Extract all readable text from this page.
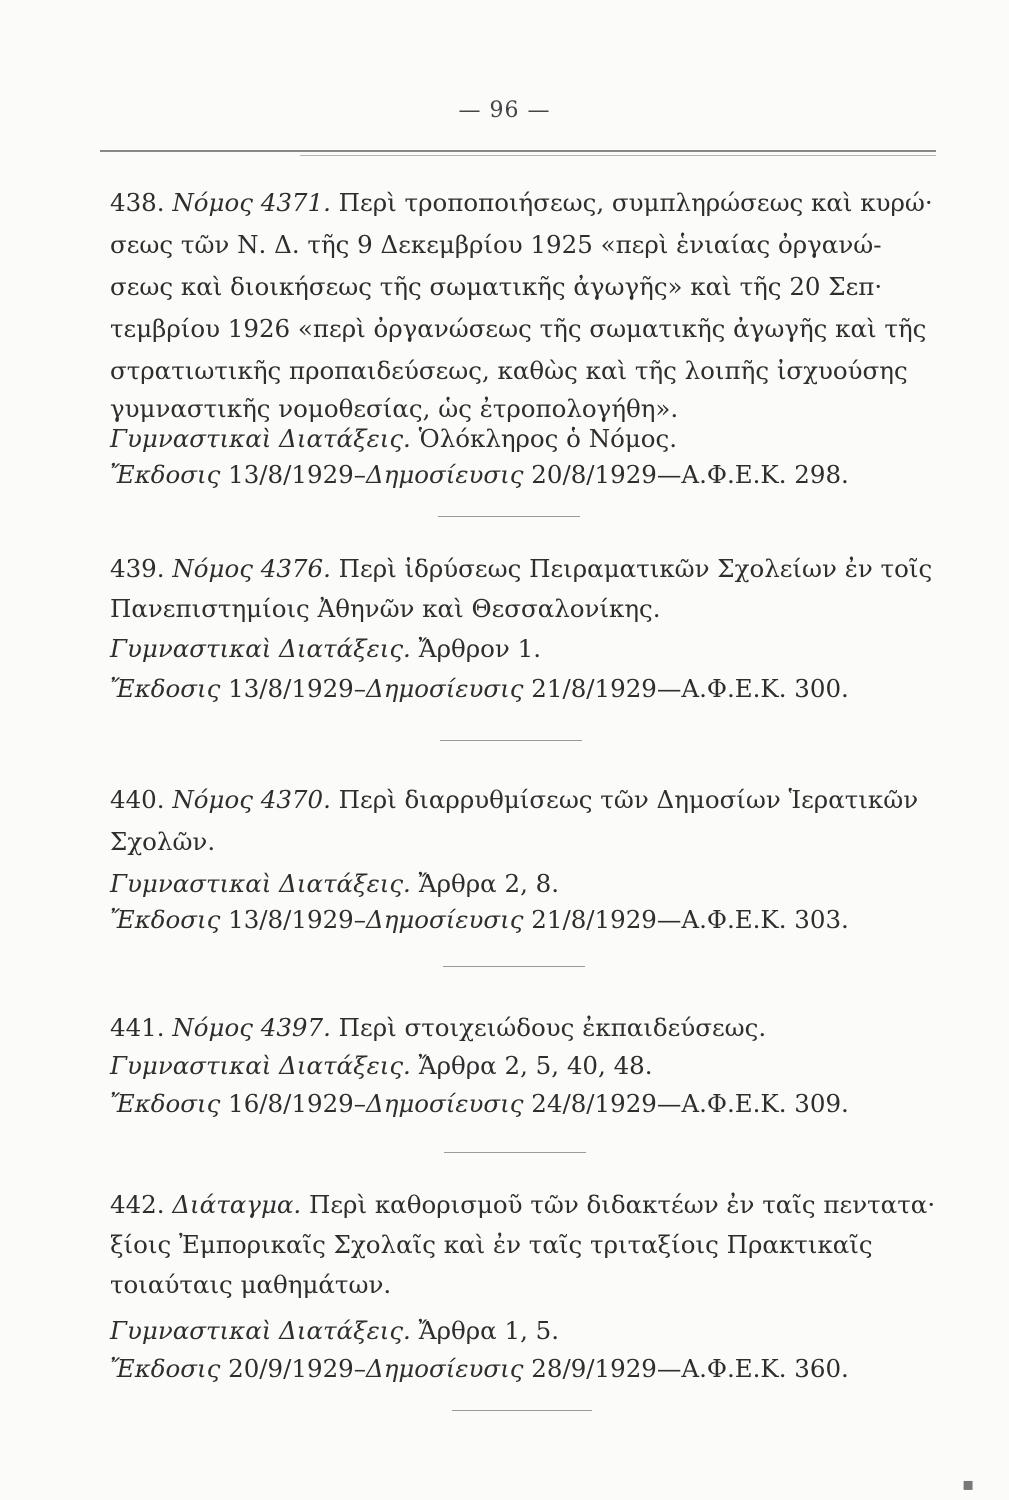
— 96 —
438. Νόμος 4371. Περὶ τροποποιήσεως, συμπληρώσεως καὶ κυρώ·
σεως τῶν Ν. Δ. τῆς 9 Δεκεμβρίου 1925 «περὶ ἑνιαίας ὀργανώ-
σεως καὶ διοικήσεως τῆς σωματικῆς ἀγωγῆς» καὶ τῆς 20 Σεπ·
τεμβρίου 1926 «περὶ ὀργανώσεως τῆς σωματικῆς ἀγωγῆς καὶ τῆς
στρατιωτικῆς προπαιδεύσεως, καθὼς καὶ τῆς λοιπῆς ἰσχυούσης
γυμναστικῆς νομοθεσίας, ὡς ἐτροπολογήθη».
Γυμναστικαὶ Διατάξεις. Ὁλόκληρος ὁ Νόμος.
Ἔκδοσις 13/8/1929–Δημοσίευσις 20/8/1929—Α.Φ.Ε.Κ. 298.
439. Νόμος 4376. Περὶ ἱδρύσεως Πειραματικῶν Σχολείων ἐν τοῖς
Πανεπιστημίοις Ἀθηνῶν καὶ Θεσσαλονίκης.
Γυμναστικαὶ Διατάξεις. Ἄρθρον 1.
Ἔκδοσις 13/8/1929–Δημοσίευσις 21/8/1929—Α.Φ.Ε.Κ. 300.
440. Νόμος 4370. Περὶ διαρρυθμίσεως τῶν Δημοσίων Ἱερατικῶν
Σχολῶν.
Γυμναστικαὶ Διατάξεις. Ἄρθρα 2, 8.
Ἔκδοσις 13/8/1929–Δημοσίευσις 21/8/1929—Α.Φ.Ε.Κ. 303.
441. Νόμος 4397. Περὶ στοιχειώδους ἐκπαιδεύσεως.
Γυμναστικαὶ Διατάξεις. Ἄρθρα 2, 5, 40, 48.
Ἔκδοσις 16/8/1929–Δημοσίευσις 24/8/1929—Α.Φ.Ε.Κ. 309.
442. Διάταγμα. Περὶ καθορισμοῦ τῶν διδακτέων ἐν ταῖς πεντατα·
ξίοις Ἐμπορικαῖς Σχολαῖς καὶ ἐν ταῖς τριταξίοις Πρακτικαῖς
τοιαύταις μαθημάτων.
Γυμναστικαὶ Διατάξεις. Ἄρθρα 1, 5.
Ἔκδοσις 20/9/1929–Δημοσίευσις 28/9/1929—Α.Φ.Ε.Κ. 360.
▪
